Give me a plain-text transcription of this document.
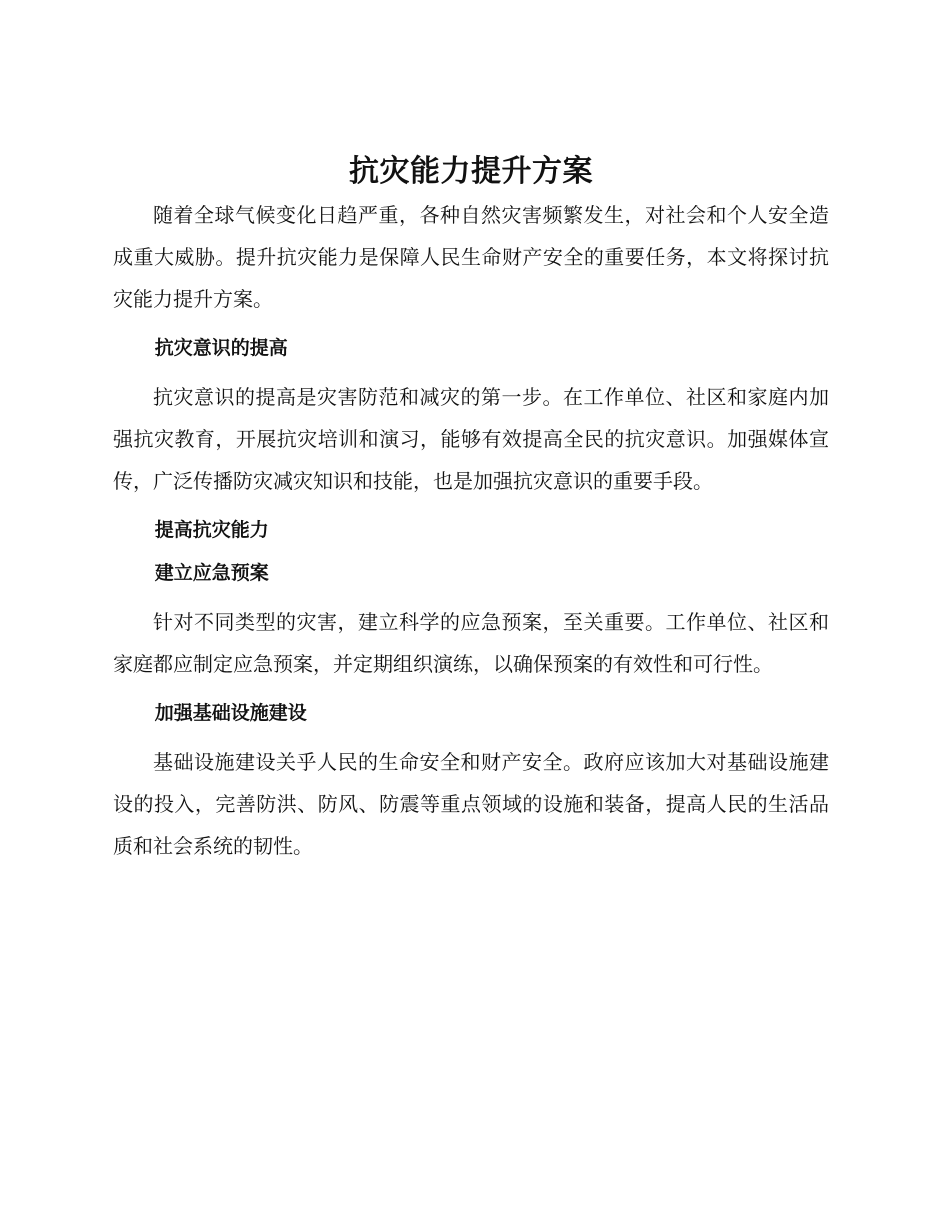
抗灾能力提升方案

随着全球气候变化日趋严重，各种自然灾害频繁发生，对社会和个人安全造成重大威胁。提升抗灾能力是保障人民生命财产安全的重要任务，本文将探讨抗灾能力提升方案。

抗灾意识的提高

抗灾意识的提高是灾害防范和减灾的第一步。在工作单位、社区和家庭内加强抗灾教育，开展抗灾培训和演习，能够有效提高全民的抗灾意识。加强媒体宣传，广泛传播防灾减灾知识和技能，也是加强抗灾意识的重要手段。

提高抗灾能力
建立应急预案

针对不同类型的灾害，建立科学的应急预案，至关重要。工作单位、社区和家庭都应制定应急预案，并定期组织演练，以确保预案的有效性和可行性。

加强基础设施建设

基础设施建设关乎人民的生命安全和财产安全。政府应该加大对基础设施建设的投入，完善防洪、防风、防震等重点领域的设施和装备，提高人民的生活品质和社会系统的韧性。
